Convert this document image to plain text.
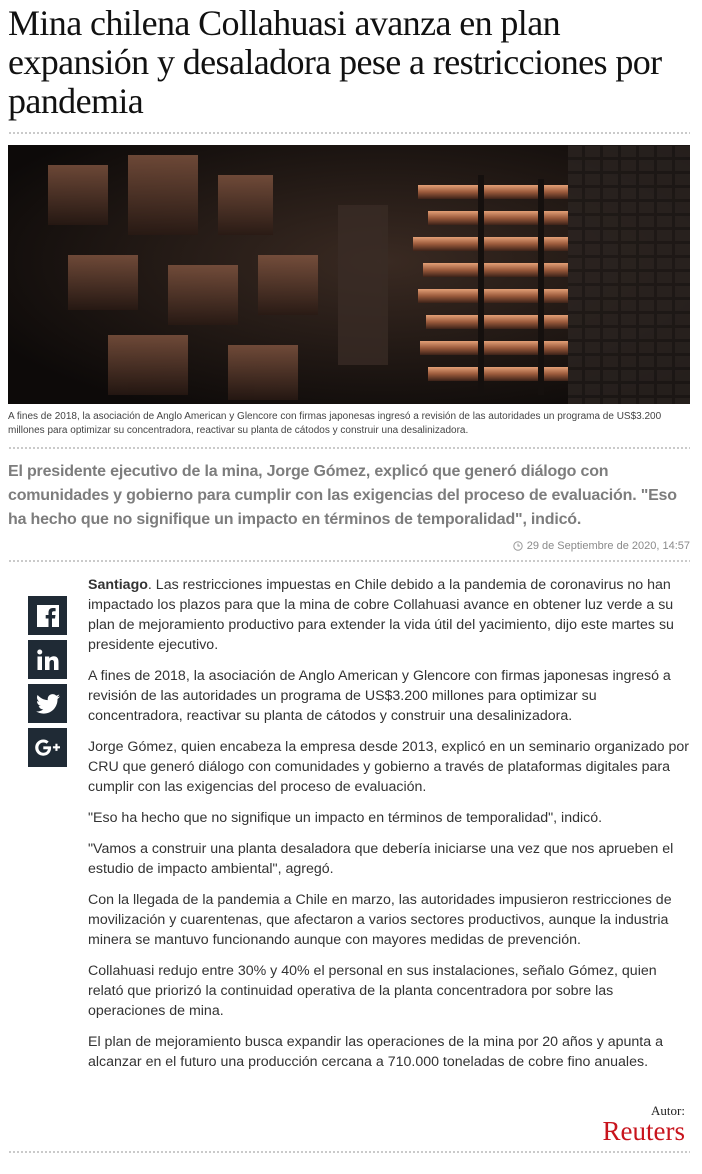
Mina chilena Collahuasi avanza en plan expansión y desaladora pese a restricciones por pandemia
A fines de 2018, la asociación de Anglo American y Glencore con firmas japonesas ingresó a revisión de las autoridades un programa de US$3.200 millones para optimizar su concentradora, reactivar su planta de cátodos y construir una desalinizadora.

El presidente ejecutivo de la mina, Jorge Gómez, explicó que generó diálogo con comunidades y gobierno para cumplir con las exigencias del proceso de evaluación. "Eso ha hecho que no signifique un impacto en términos de temporalidad", indicó.

29 de Septiembre de 2020, 14:57

Santiago. Las restricciones impuestas en Chile debido a la pandemia de coronavirus no han impactado los plazos para que la mina de cobre Collahuasi avance en obtener luz verde a su plan de mejoramiento productivo para extender la vida útil del yacimiento, dijo este martes su presidente ejecutivo.

A fines de 2018, la asociación de Anglo American y Glencore con firmas japonesas ingresó a revisión de las autoridades un programa de US$3.200 millones para optimizar su concentradora, reactivar su planta de cátodos y construir una desalinizadora.

Jorge Gómez, quien encabeza la empresa desde 2013, explicó en un seminario organizado por CRU que generó diálogo con comunidades y gobierno a través de plataformas digitales para cumplir con las exigencias del proceso de evaluación.

"Eso ha hecho que no signifique un impacto en términos de temporalidad", indicó.

"Vamos a construir una planta desaladora que debería iniciarse una vez que nos aprueben el estudio de impacto ambiental", agregó.

Con la llegada de la pandemia a Chile en marzo, las autoridades impusieron restricciones de movilización y cuarentenas, que afectaron a varios sectores productivos, aunque la industria minera se mantuvo funcionando aunque con mayores medidas de prevención.

Collahuasi redujo entre 30% y 40% el personal en sus instalaciones, señalo Gómez, quien relató que priorizó la continuidad operativa de la planta concentradora por sobre las operaciones de mina.

El plan de mejoramiento busca expandir las operaciones de la mina por 20 años y apunta a alcanzar en el futuro una producción cercana a 710.000 toneladas de cobre fino anuales.

Autor:
Reuters
